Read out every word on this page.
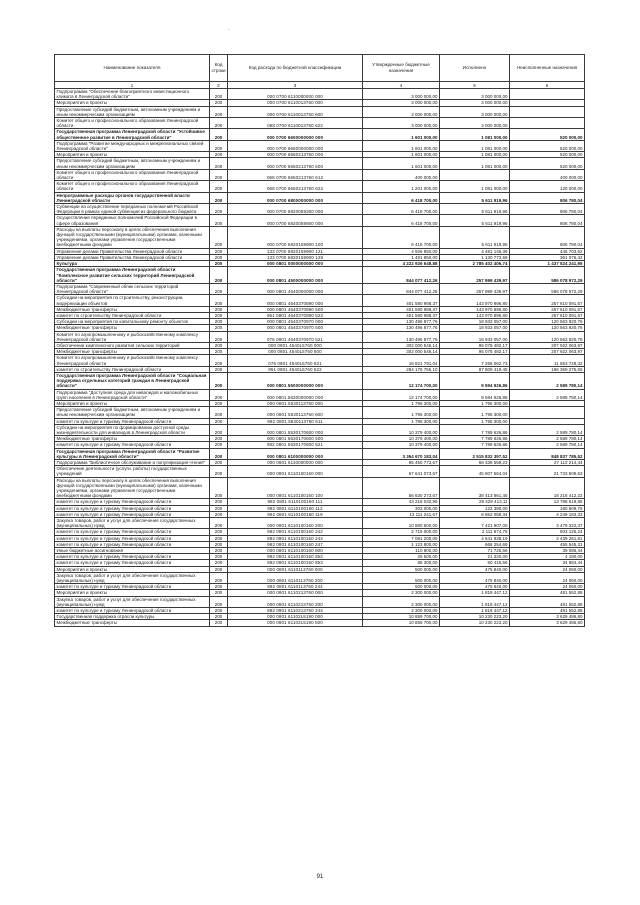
.
Наименование показателя	Код строки	Код расхода по бюджетной классификации	Утвержденные бюджетные назначения	Исполнено	Неисполненные назначения
1	2	3	4	5	6
Подпрограмма "Обеспечение благоприятного инвестиционного климата в Ленинградской области"	200	000 0700 6110000000 000	3 000 000,00	3 000 000,00	
Мероприятия и проекты	200	000 0700 6110013760 000	3 000 000,00	3 000 000,00	
Предоставление субсидий бюджетным, автономным учреждениям и иным некоммерческим организациям	200	000 0700 6110013760 600	3 000 000,00	3 000 000,00	
Комитет общего и профессионального образования Ленинградской области	200	068 0700 6110013760 622	3 000 000,00	3 000 000,00	
Государственная программа Ленинградской области "Устойчивое общественное развитие в Ленинградской области"	200	000 0700 6600000000 000	1 601 000,00	1 081 000,00	520 000,00
Подпрограмма "Развитие международных и межрегиональных связей Ленинградской области"	200	000 0700 6650000000 000	1 601 000,00	1 081 000,00	520 000,00
Мероприятия и проекты	200	000 0700 6650213760 000	1 601 000,00	1 081 000,00	520 000,00
Предоставление субсидий бюджетным, автономным учреждениям и иным некоммерческим организациям	200	000 0700 6650213760 600	1 601 000,00	1 081 000,00	520 000,00
Комитет общего и профессионального образования Ленинградской области	200	068 0700 6650213760 612	400 000,00		400 000,00
Комитет общего и профессионального образования Ленинградской области	200	068 0700 6650213760 622	1 201 000,00	1 081 000,00	120 000,00
Непрограммные расходы органов государственной власти Ленинградской области	200	000 0700 6800000000 000	6 418 700,00	5 611 919,96	806 780,04
Субвенции на осуществление переданных полномочий Российской Федерации в рамках единой субвенции из федерального бюджета	200	000 0700 6820059300 000	6 418 700,00	5 611 919,96	806 780,04
Осуществление переданных полномочий Российской Федерации в сфере образования	200	000 0700 6820059900 000	6 418 700,00	5 611 919,96	806 780,04
Расходы на выплаты персоналу в целях обеспечения выполнения функций государственными (муниципальными) органами, казенными учреждениями, органами управления государственными внебюджетными фондами	200	000 0700 6820159900 100	6 418 700,00	5 611 919,96	806 780,04
Управление делами Правительства Ленинградской области	200	133 0700 6820159900 121	4 926 850,00	4 481 146,38	445 703,62
Управление делами Правительства Ленинградской области	200	133 0700 6820159900 129	1 491 850,00	1 130 773,58	361 076,42
Культура	200	000 0801 0000000000 000	4 222 926 648,88	2 785 402 406,74	1 437 524 241,95
Государственная программа Ленинградской области "Комплексное развитие сельских территорий Ленинградской области"	200	000 0801 4500000000 000	844 077 412,26	257 999 439,97	586 078 972,29
Подпрограмма "Современный облик сельских территорий Ленинградской области"	200	000 0801 4540000000 000	844 077 412,26	257 999 439,97	586 078 972,29
Субсидии на мероприятия по строительству, реконструкции, модернизации объектов	200	000 0801 4540370890 000	401 580 988,37	143 970 896,80	257 610 091,57
Межбюджетные трансферты	200	000 0801 4540370890 500	401 580 988,37	143 970 896,80	257 610 091,57
комитет по строительству Ленинградской области	200	951 0801 4540370890 522	401 580 988,37	143 970 896,80	257 610 091,57
Субсидии на мероприятия по капитальному ремонту объектов	200	000 0801 4540370970 000	130 496 877,76	18 933 057,00	120 563 820,76
Межбюджетные трансферты	200	000 0801 4540370970 500	130 496 877,76	18 933 057,00	120 563 820,76
Комитет по агропромышленному и рыбохозяйственному комплексу Ленинградской области	200	075 0801 4540370970 521	130 496 877,76	18 933 057,00	120 563 820,76
Обеспечение комплексного развития сельских территорий	200	000 0801 4540L5760 000	302 000 546,14	95 078 482,17	207 922 063,97
Межбюджетные трансферты	200	000 0801 4540L5760 500	302 000 546,14	95 078 482,17	207 922 063,97
Комитет по агропромышленному и рыбохозяйственному комплексу Ленинградской области	200	075 0801 4540L5760 521	18 821 791,04	7 268 062,73	11 553 728,32
комитет по строительству Ленинградской области	200	951 0801 4540L5760 522	284 178 755,10	87 809 419,45	196 369 275,65
Государственная программа Ленинградской области "Социальная поддержка отдельных категорий граждан в Ленинградской области"	200	000 0801 5500000000 000	12 174 700,00	9 594 926,86	2 589 780,14
Подпрограмма "Доступная среда для инвалидов и маломобильных групп населения в Ленинградской области"	200	000 0801 5530000000 000	12 174 700,00	9 584 926,86	2 589 780,14
Мероприятия и проекты	200	000 0801 5530113760 000	1 795 300,00	1 795 300,00	
Предоставление субсидий бюджетным, автономным учреждениям и иным некоммерческим организациям	200	000 0801 5530113760 600	1 795 300,00	1 795 300,00	
комитет по культуре и туризму Ленинградской области	200	982 0801 5530113760 611	1 795 300,00	1 795 300,00	
Субсидии на мероприятия по формированию доступной среды жизнедеятельности для инвалидов в Ленинградской области	200	000 0801 5530170600 000	10 379 400,00	7 789 626,86	2 589 780,14
Межбюджетные трансферты	200	000 0801 5530170600 500	10 379 400,00	7 789 626,86	2 589 780,14
комитет по культуре и туризму Ленинградской области	200	982 0801 5530170600 521	10 379 400,00	7 789 626,86	2 589 780,14
Государственная программа Ленинградской области "Развитие культуры в Ленинградской области"	200	000 0801 6100000000 000	3 364 670 183,04	2 515 832 397,52	848 837 785,52
Подпрограмма "Библиотечное обслуживание и популяризация чтения"	200	000 0801 6110000000 000	95 450 773,67	68 338 559,23	27 112 214,44
Обеспечение деятельности (услуги, работы) государственных учреждений	200	000 0801 6110100160 000	67 641 073,67	45 907 564,04	21 733 509,63
Расходы на выплаты персоналу в целях обеспечения выполнения функций государственными (муниципальными) органами, казенными учреждениями, органами управления государственными внебюджетными фондами	200	000 0801 6110100160 100	56 630 273,67	38 413 861,45	18 216 412,22
комитет по культуре и туризму Ленинградской области	200	982 0801 6110100160 111	43 218 032,96	29 429 413,11	13 788 619,85
комитет по культуре и туризму Ленинградской области	200	982 0801 6110100160 112	303 000,00	122 390,00	180 609,75
комитет по культуре и туризму Ленинградской области	200	982 0801 6110100160 119	13 111 241,67	8 862 058,34	4 249 183,33
Закупка товаров, работ и услуг для обеспечения государственных (муниципальных) нужд	200	000 0801 6110100160 200	10 880 600,00	7 421 907,00	3 479 322,37
комитет по культуре и туризму Ленинградской области	200	982 0801 6110100160 242	2 715 000,00	2 111 874,76	603 125,24
комитет по культуре и туризму Ленинградской области	200	982 0801 6110100160 244	7 081 200,00	4 641 938,19	2 439 261,81
комитет по культуре и туризму Ленинградской области	200	982 0801 6110100160 247	1 123 800,00	668 254,69	455 545,31
Иные бюджетные ассигнования	200	000 0801 6110100160 800	110 800,00	71 725,56	39 086,44
комитет по культуре и туризму Ленинградской области	200	982 0801 6110100160 852	25 500,00	21 320,00	4 180,00
комитет по культуре и туризму Ленинградской области	200	982 0801 6110100160 853	85 300,00	50 415,56	34 884,44
Мероприятия и проекты	200	000 0801 6110113760 000	500 000,00	475 840,00	24 060,00
Закупка товаров, работ и услуг для обеспечения государственных (муниципальных) нужд	200	000 0801 6110113760 200	500 000,00	475 840,00	24 060,00
комитет по культуре и туризму Ленинградской области	200	982 0801 6110113760 244	500 000,00	475 840,00	24 060,00
Мероприятия и проекты	200	000 0801 6110213760 000	2 300 000,00	1 818 447,12	481 552,88
Закупка товаров, работ и услуг для обеспечения государственных (муниципальных) нужд	200	000 0801 6110213760 200	2 300 000,00	1 818 447,12	481 552,88
комитет по культуре и туризму Ленинградской области	200	982 0801 6110213760 244	2 300 000,00	1 818 447,12	481 552,88
Государственная поддержка отрасли культуры	200	000 0801 61102L5190 000	10 859 700,00	10 230 223,20	3 629 486,80
Межбюджетные трансферты	200	000 0801 61102L5190 500	10 859 700,00	10 230 223,20	3 629 486,80
91
